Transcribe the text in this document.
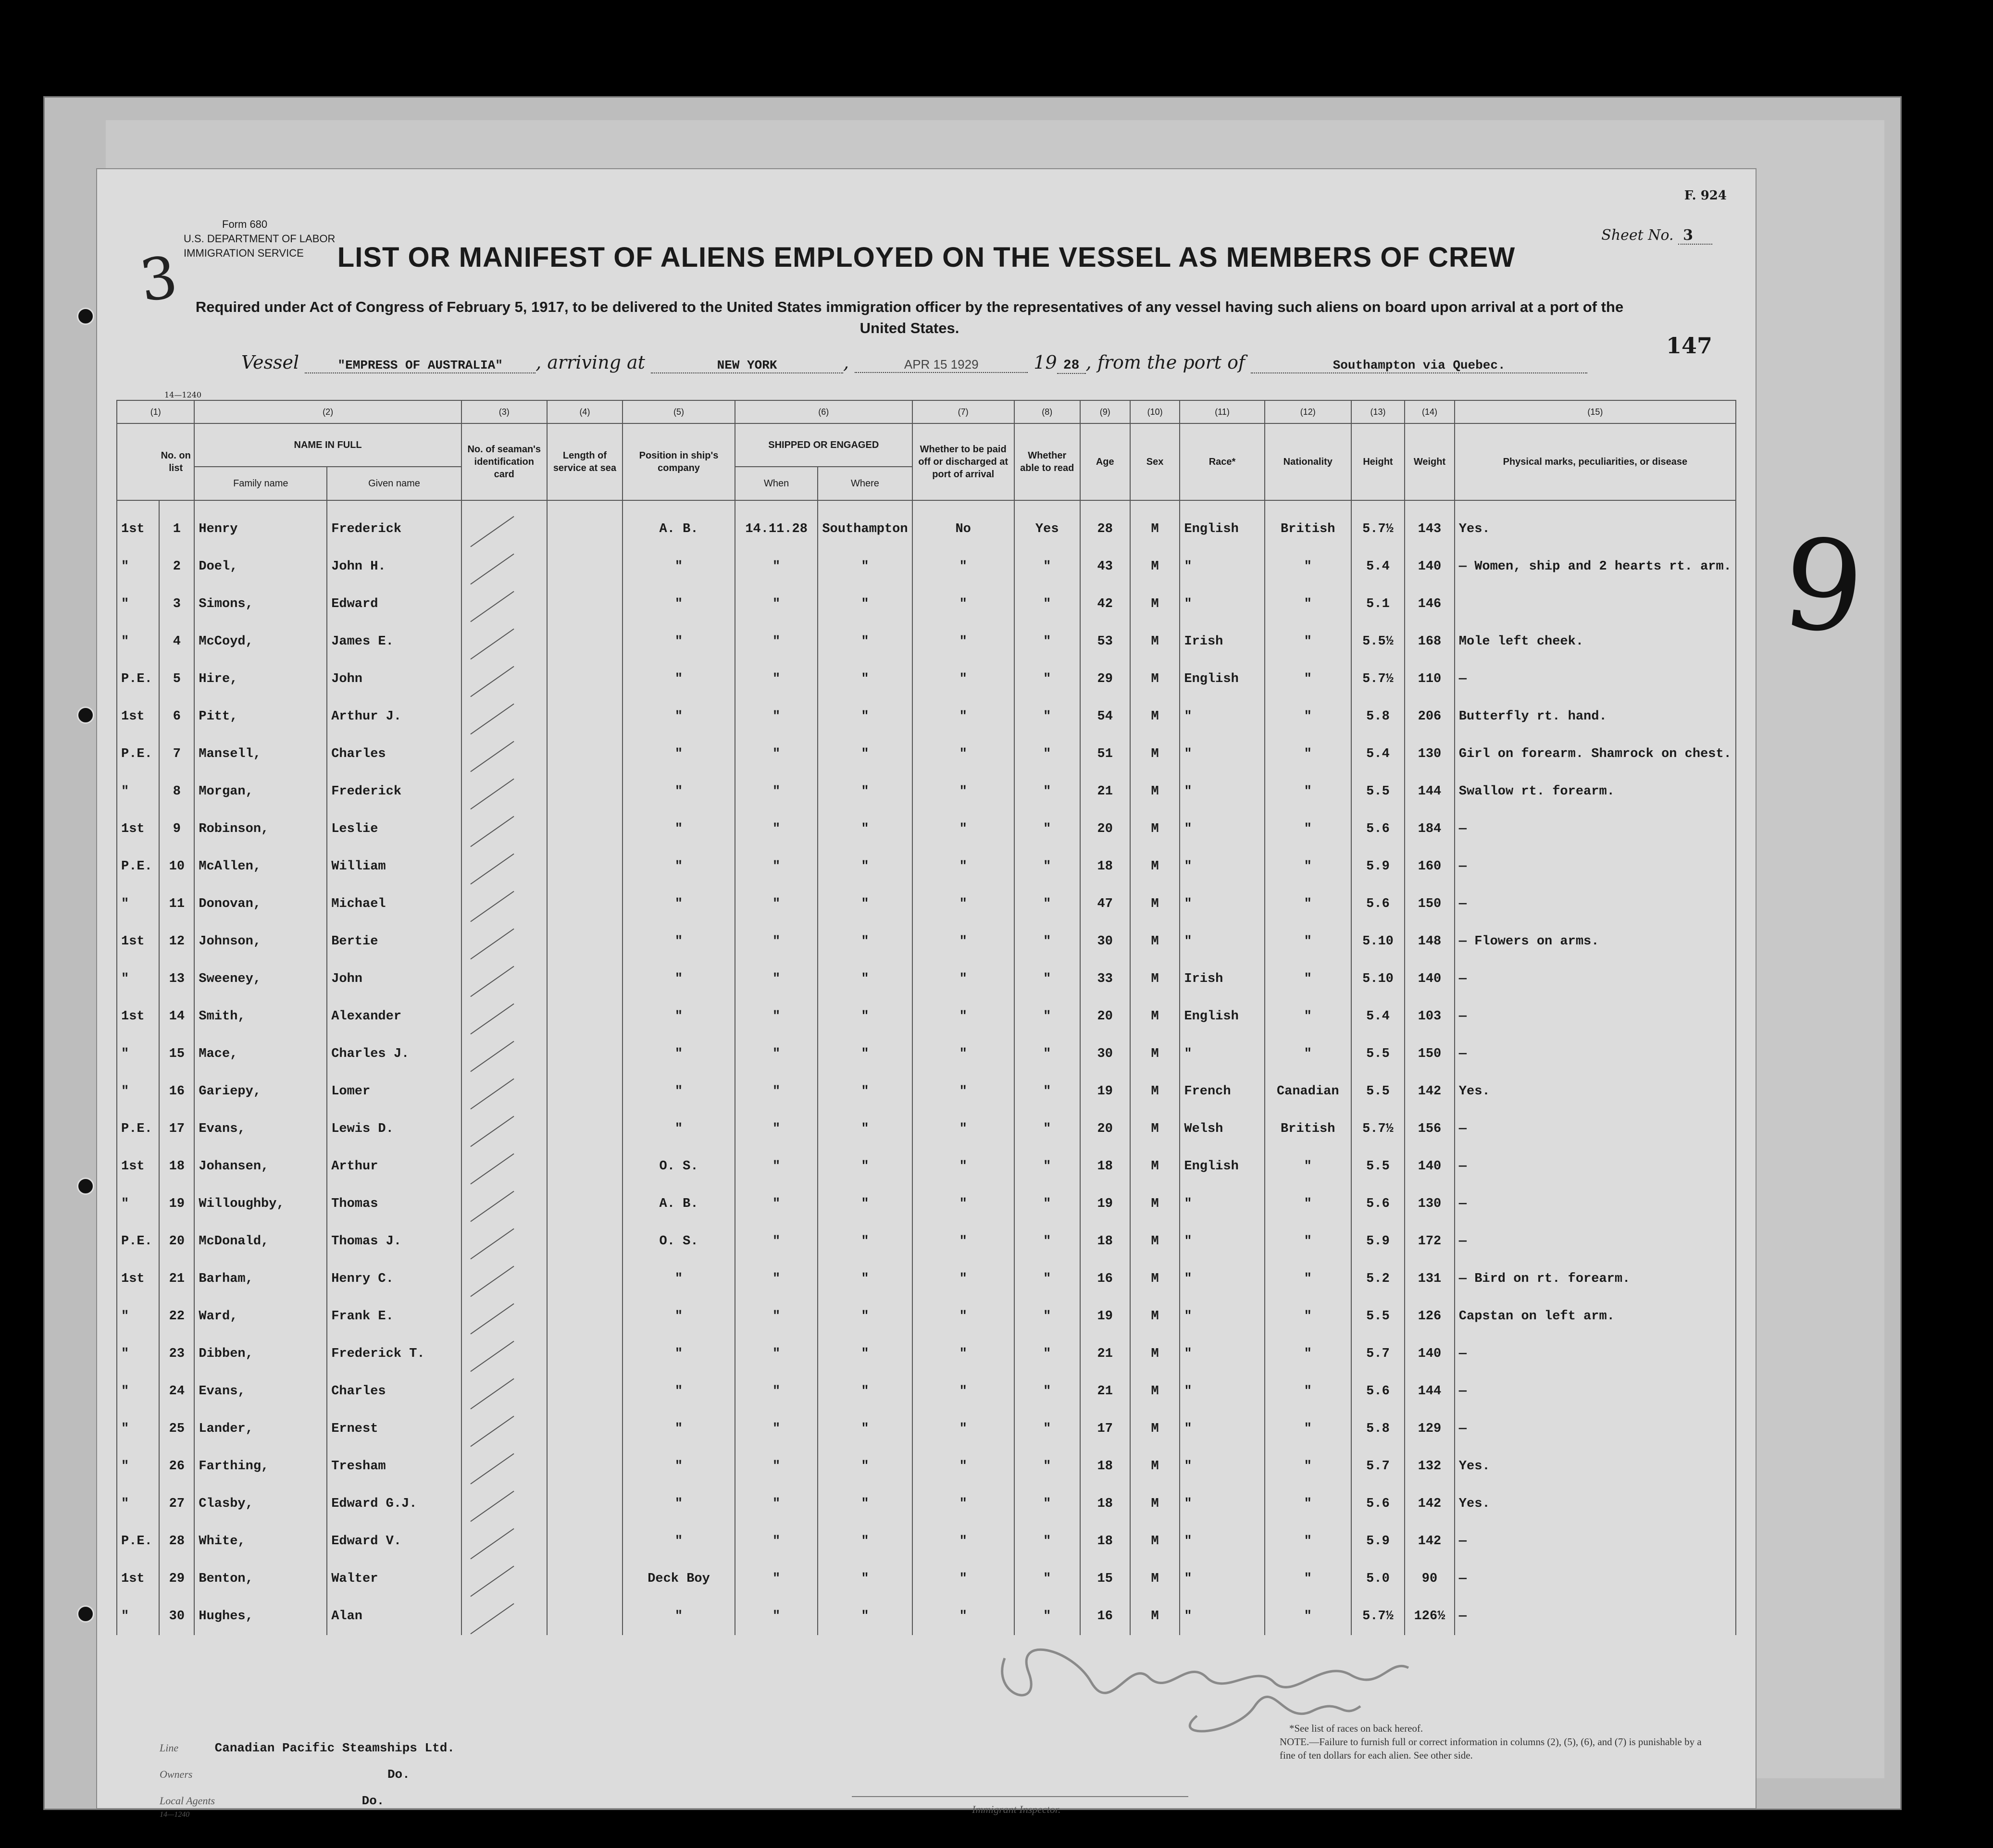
9
Form 680
U.S. DEPARTMENT OF LABOR
IMMIGRATION SERVICE
3
F. 924
Sheet No. 3
LIST OR MANIFEST OF ALIENS EMPLOYED ON THE VESSEL AS MEMBERS OF CREW
Required under Act of Congress of February 5, 1917, to be delivered to the United States immigration officer by the representatives of any vessel having such aliens on board upon arrival at a port of the United States.
147
Vessel	"EMPRESS OF AUSTRALIA" , arriving at	NEW YORK	,	APR 15 1929	19 28 , from the port of	Southampton via Quebec.
14—1240
(1)		(2)		(3)	(4)	(5)	(6)		(7)	(8)	(9)	(10)	(11)	(12)	(13)	(14)	(15)
No. on list		NAME IN FULL		No. of seaman's identification card	Length of service at sea	Position in ship's company	SHIPPED OR ENGAGED		Whether to be paid off or discharged at port of arrival	Whether able to read	Age	Sex	Race*	Nationality	Height	Weight	Physical marks, peculiarities, or disease
		Family name	Given name				When	Where									
1st	1	Henry	Frederick			A. B.	14.11.28	Southampton	No	Yes	28	M	English	British	5.7½	143	Yes.
"	2	Doel,	John H.			"	"	"	"	"	43	M	"	"	5.4	140	— Women, ship and 2 hearts rt. arm.
"	3	Simons,	Edward			"	"	"	"	"	42	M	"	"	5.1	146	
"	4	McCoyd,	James E.			"	"	"	"	"	53	M	Irish	"	5.5½	168	Mole left cheek.
P.E.	5	Hire,	John			"	"	"	"	"	29	M	English	"	5.7½	110	—
1st	6	Pitt,	Arthur J.			"	"	"	"	"	54	M	"	"	5.8	206	Butterfly rt. hand.
P.E.	7	Mansell,	Charles			"	"	"	"	"	51	M	"	"	5.4	130	Girl on forearm. Shamrock on chest.
"	8	Morgan,	Frederick			"	"	"	"	"	21	M	"	"	5.5	144	Swallow rt. forearm.
1st	9	Robinson,	Leslie			"	"	"	"	"	20	M	"	"	5.6	184	—
P.E.	10	McAllen,	William			"	"	"	"	"	18	M	"	"	5.9	160	—
"	11	Donovan,	Michael			"	"	"	"	"	47	M	"	"	5.6	150	—
1st	12	Johnson,	Bertie			"	"	"	"	"	30	M	"	"	5.10	148	— Flowers on arms.
"	13	Sweeney,	John			"	"	"	"	"	33	M	Irish	"	5.10	140	—
1st	14	Smith,	Alexander			"	"	"	"	"	20	M	English	"	5.4	103	—
"	15	Mace,	Charles J.			"	"	"	"	"	30	M	"	"	5.5	150	—
"	16	Gariepy,	Lomer			"	"	"	"	"	19	M	French	Canadian	5.5	142	Yes.
P.E.	17	Evans,	Lewis D.			"	"	"	"	"	20	M	Welsh	British	5.7½	156	—
1st	18	Johansen,	Arthur			O. S.	"	"	"	"	18	M	English	"	5.5	140	—
"	19	Willoughby,	Thomas			A. B.	"	"	"	"	19	M	"	"	5.6	130	—
P.E.	20	McDonald,	Thomas J.			O. S.	"	"	"	"	18	M	"	"	5.9	172	—
1st	21	Barham,	Henry C.			"	"	"	"	"	16	M	"	"	5.2	131	— Bird on rt. forearm.
"	22	Ward,	Frank E.			"	"	"	"	"	19	M	"	"	5.5	126	Capstan on left arm.
"	23	Dibben,	Frederick T.			"	"	"	"	"	21	M	"	"	5.7	140	—
"	24	Evans,	Charles			"	"	"	"	"	21	M	"	"	5.6	144	—
"	25	Lander,	Ernest			"	"	"	"	"	17	M	"	"	5.8	129	—
"	26	Farthing,	Tresham			"	"	"	"	"	18	M	"	"	5.7	132	Yes.
"	27	Clasby,	Edward G.J.			"	"	"	"	"	18	M	"	"	5.6	142	Yes.
P.E.	28	White,	Edward V.			"	"	"	"	"	18	M	"	"	5.9	142	—
1st	29	Benton,	Walter			Deck Boy	"	"	"	"	15	M	"	"	5.0	90	—
"	30	Hughes,	Alan			"	"	"	"	"	16	M	"	"	5.7½	126½	—
Line	Canadian Pacific Steamships Ltd.
Owners	Do.
Local Agents	Do.
14—1240	Immigrant Inspector.
*See list of races on back hereof.
NOTE.—Failure to furnish full or correct information in columns (2), (5), (6), and (7) is punishable by a fine of ten dollars for each alien. See other side.
